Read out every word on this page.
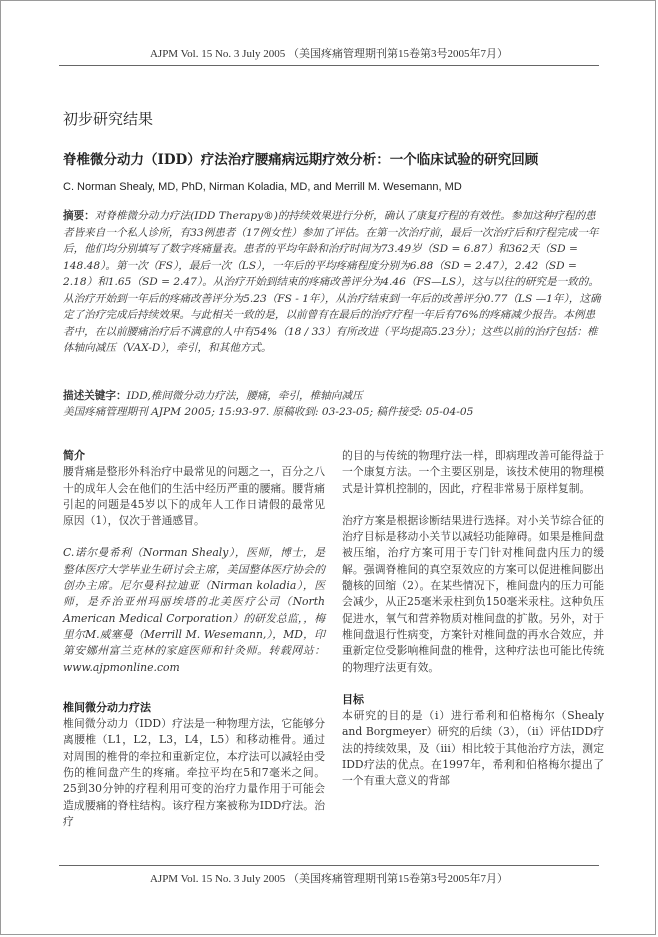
AJPM Vol. 15 No. 3 July 2005 （美国疼痛管理期刊第15卷第3号2005年7月）
初步研究结果
脊椎微分动力（IDD）疗法治疗腰痛病远期疗效分析：一个临床试验的研究回顾
C. Norman Shealy, MD, PhD, Nirman Koladia, MD, and Merrill M. Wesemann, MD
摘要：对脊椎微分动力疗法(IDD Therapy®)的持续效果进行分析，确认了康复疗程的有效性。参加这种疗程的患者皆来自一个私人诊所，有33例患者（17例女性）参加了评估。在第一次治疗前，最后一次治疗后和疗程完成一年后，他们均分别填写了数字疼痛量表。患者的平均年龄和治疗时间为73.49岁（SD = 6.87）和362天（SD = 148.48）。第一次（FS），最后一次（LS），一年后的平均疼痛程度分别为6.88（SD = 2.47），2.42（SD = 2.18）和1.65（SD = 2.47）。从治疗开始到结束的疼痛改善评分为4.46（FS—LS），这与以往的研究是一致的。从治疗开始到一年后的疼痛改善评分为5.23（FS - 1年），从治疗结束到一年后的改善评分0.77（LS —1年），这确定了治疗完成后持续效果。与此相关一致的是，以前曾有在最后的治疗疗程一年后有76%的疼痛减少报告。本例患者中，在以前腰痛治疗后不满意的人中有54%（18 / 33）有所改进（平均提高5.23分）；这些以前的治疗包括：椎体轴向减压（VAX-D），牵引，和其他方式。
描述关键字：IDD,椎间微分动力疗法，腰痛，牵引，椎轴向减压
美国疼痛管理期刊 AJPM 2005; 15:93-97. 原稿收到: 03-23-05; 稿件接受: 05-04-05
简介

腰背痛是整形外科治疗中最常见的问题之一，百分之八十的成年人会在他们的生活中经历严重的腰痛。腰背痛引起的问题是45岁以下的成年人工作日请假的最常见原因（1），仅次于普通感冒。

C.诺尔曼希利（Norman Shealy），医师，博士，是整体医疗大学毕业生研讨会主席，美国整体医疗协会的创办主席。尼尔曼科拉迪亚（Nirman koladia），医师，是乔治亚州玛丽埃塔的北美医疗公司（North American Medical Corporation）的研发总监，，梅里尔M.威塞曼（Merrill M. Wesemann,），MD，印第安娜州富兰克林的家庭医师和针灸师。转载网站：www.ajpmonline.com

椎间微分动力疗法

椎间微分动力（IDD）疗法是一种物理方法，它能够分离腰椎（L1，L2，L3，L4，L5）和移动椎骨。通过对周围的椎骨的牵拉和重新定位，本疗法可以减轻由受伤的椎间盘产生的疼痛。牵拉平均在5和7毫米之间。25到30分钟的疗程利用可变的治疗力量作用于可能会造成腰痛的脊柱结构。该疗程方案被称为IDD疗法。治疗

的目的与传统的物理疗法一样，即病理改善可能得益于一个康复方法。一个主要区别是，该技术使用的物理模式是计算机控制的，因此，疗程非常易于原样复制。

治疗方案是根据诊断结果进行选择。对小关节综合征的治疗目标是移动小关节以减轻功能障碍。如果是椎间盘被压缩，治疗方案可用于专门针对椎间盘内压力的缓解。强调脊椎间的真空泵效应的方案可以促进椎间膨出髓核的回缩（2）。在某些情况下，椎间盘内的压力可能会减少，从正25毫米汞柱到负150毫米汞柱。这种负压促进水，氧气和营养物质对椎间盘的扩散。另外，对于椎间盘退行性病变，方案针对椎间盘的再水合效应，并重新定位受影响椎间盘的椎骨，这种疗法也可能比传统的物理疗法更有效。

目标

本研究的目的是（i）进行希利和伯格梅尔（Shealy and Borgmeyer）研究的后续（3），（ii）评估IDD疗法的持续效果，及（iii）相比较于其他治疗方法，测定IDD疗法的优点。在1997年，希利和伯格梅尔提出了一个有重大意义的背部

AJPM Vol. 15 No. 3 July 2005 （美国疼痛管理期刊第15卷第3号2005年7月）
